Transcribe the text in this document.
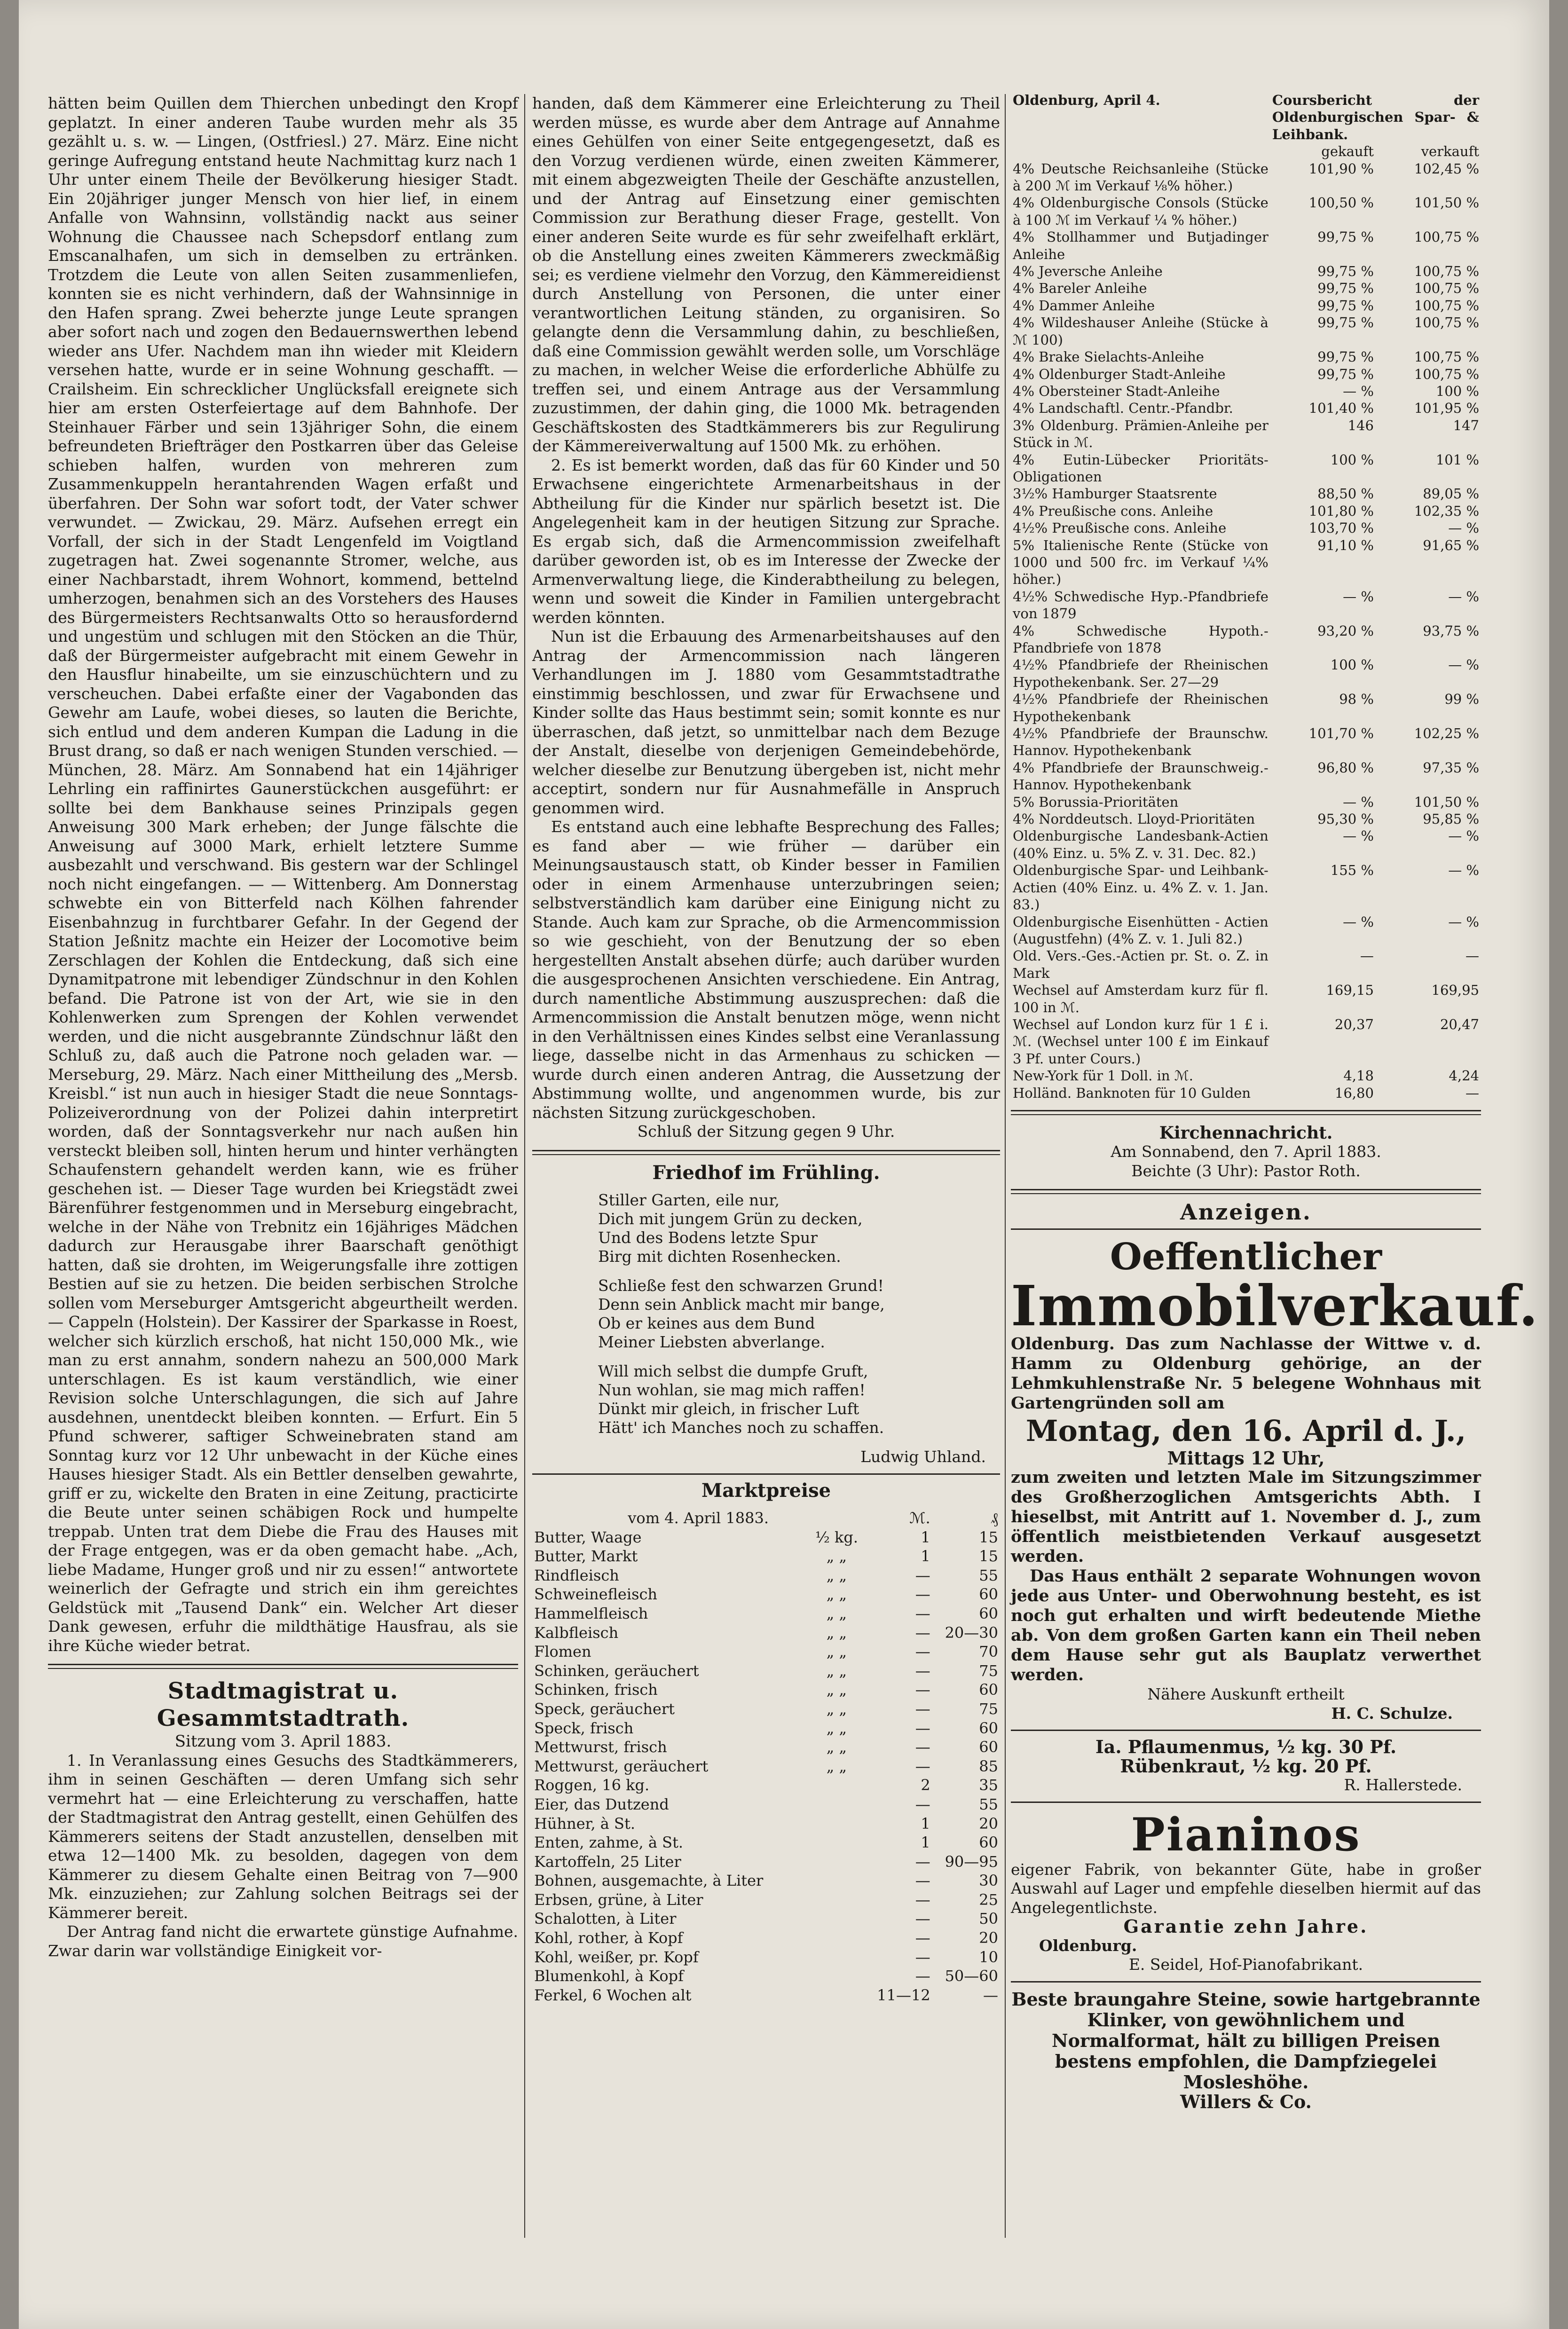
hätten beim Quillen dem Thierchen unbedingt den Kropf geplatzt. In einer anderen Taube wurden mehr als 35 gezählt u. s. w. — Lingen, (Ostfriesl.) 27. März. Eine nicht geringe Aufregung entstand heute Nachmittag kurz nach 1 Uhr unter einem Theile der Bevölkerung hiesiger Stadt. Ein 20jähriger junger Mensch von hier lief, in einem Anfalle von Wahnsinn, vollständig nackt aus seiner Wohnung die Chaussee nach Schepsdorf entlang zum Emscanalhafen, um sich in demselben zu ertränken. Trotzdem die Leute von allen Seiten zusammenliefen, konnten sie es nicht verhindern, daß der Wahnsinnige in den Hafen sprang. Zwei beherzte junge Leute sprangen aber sofort nach und zogen den Bedauernswerthen lebend wieder ans Ufer. Nachdem man ihn wieder mit Kleidern versehen hatte, wurde er in seine Wohnung geschafft. — Crailsheim. Ein schrecklicher Unglücksfall ereignete sich hier am ersten Osterfeiertage auf dem Bahnhofe. Der Steinhauer Färber und sein 13jähriger Sohn, die einem befreundeten Briefträger den Postkarren über das Geleise schieben halfen, wurden von mehreren zum Zusammenkuppeln herantahrenden Wagen erfaßt und überfahren. Der Sohn war sofort todt, der Vater schwer verwundet. — Zwickau, 29. März. Aufsehen erregt ein Vorfall, der sich in der Stadt Lengenfeld im Voigtland zugetragen hat. Zwei sogenannte Stromer, welche, aus einer Nachbarstadt, ihrem Wohnort, kommend, bettelnd umherzogen, benahmen sich an des Vorstehers des Hauses des Bürgermeisters Rechtsanwalts Otto so herausfordernd und ungestüm und schlugen mit den Stöcken an die Thür, daß der Bürgermeister aufgebracht mit einem Gewehr in den Hausflur hinabeilte, um sie einzuschüchtern und zu verscheuchen. Dabei erfaßte einer der Vagabonden das Gewehr am Laufe, wobei dieses, so lauten die Berichte, sich entlud und dem anderen Kumpan die Ladung in die Brust drang, so daß er nach wenigen Stunden verschied. — München, 28. März. Am Sonnabend hat ein 14jähriger Lehrling ein raffinirtes Gaunerstückchen ausgeführt: er sollte bei dem Bankhause seines Prinzipals gegen Anweisung 300 Mark erheben; der Junge fälschte die Anweisung auf 3000 Mark, erhielt letztere Summe ausbezahlt und verschwand. Bis gestern war der Schlingel noch nicht eingefangen. — — Wittenberg. Am Donnerstag schwebte ein von Bitterfeld nach Kölhen fahrender Eisenbahnzug in furchtbarer Gefahr. In der Gegend der Station Jeßnitz machte ein Heizer der Locomotive beim Zerschlagen der Kohlen die Entdeckung, daß sich eine Dynamitpatrone mit lebendiger Zündschnur in den Kohlen befand. Die Patrone ist von der Art, wie sie in den Kohlenwerken zum Sprengen der Kohlen verwendet werden, und die nicht ausgebrannte Zündschnur läßt den Schluß zu, daß auch die Patrone noch geladen war. — Merseburg, 29. März. Nach einer Mittheilung des „Mersb. Kreisbl.“ ist nun auch in hiesiger Stadt die neue Sonntags-Polizeiverordnung von der Polizei dahin interpretirt worden, daß der Sonntagsverkehr nur nach außen hin versteckt bleiben soll, hinten herum und hinter verhängten Schaufenstern gehandelt werden kann, wie es früher geschehen ist. — Dieser Tage wurden bei Kriegstädt zwei Bärenführer festgenommen und in Merseburg eingebracht, welche in der Nähe von Trebnitz ein 16jähriges Mädchen dadurch zur Herausgabe ihrer Baarschaft genöthigt hatten, daß sie drohten, im Weigerungsfalle ihre zottigen Bestien auf sie zu hetzen. Die beiden serbischen Strolche sollen vom Merseburger Amtsgericht abgeurtheilt werden. — Cappeln (Holstein). Der Kassirer der Sparkasse in Roest, welcher sich kürzlich erschoß, hat nicht 150,000 Mk., wie man zu erst annahm, sondern nahezu an 500,000 Mark unterschlagen. Es ist kaum verständlich, wie einer Revision solche Unterschlagungen, die sich auf Jahre ausdehnen, unentdeckt bleiben konnten. — Erfurt. Ein 5 Pfund schwerer, saftiger Schweinebraten stand am Sonntag kurz vor 12 Uhr unbewacht in der Küche eines Hauses hiesiger Stadt. Als ein Bettler denselben gewahrte, griff er zu, wickelte den Braten in eine Zeitung, practicirte die Beute unter seinen schäbigen Rock und humpelte treppab. Unten trat dem Diebe die Frau des Hauses mit der Frage entgegen, was er da oben gemacht habe. „Ach, liebe Madame, Hunger groß und nir zu essen!“ antwortete weinerlich der Gefragte und strich ein ihm gereichtes Geldstück mit „Tausend Dank“ ein. Welcher Art dieser Dank gewesen, erfuhr die mildthätige Hausfrau, als sie ihre Küche wieder betrat.

Stadtmagistrat u. Gesammtstadtrath.
Sitzung vom 3. April 1883.

1. In Veranlassung eines Gesuchs des Stadtkämmerers, ihm in seinen Geschäften — deren Umfang sich sehr vermehrt hat — eine Erleichterung zu verschaffen, hatte der Stadtmagistrat den Antrag gestellt, einen Gehülfen des Kämmerers seitens der Stadt anzustellen, denselben mit etwa 12—1400 Mk. zu besolden, dagegen von dem Kämmerer zu diesem Gehalte einen Beitrag von 7—900 Mk. einzuziehen; zur Zahlung solchen Beitrags sei der Kämmerer bereit.

Der Antrag fand nicht die erwartete günstige Aufnahme. Zwar darin war vollständige Einigkeit vor-

handen, daß dem Kämmerer eine Erleichterung zu Theil werden müsse, es wurde aber dem Antrage auf Annahme eines Gehülfen von einer Seite entgegengesetzt, daß es den Vorzug verdienen würde, einen zweiten Kämmerer, mit einem abgezweigten Theile der Geschäfte anzustellen, und der Antrag auf Einsetzung einer gemischten Commission zur Berathung dieser Frage, gestellt. Von einer anderen Seite wurde es für sehr zweifelhaft erklärt, ob die Anstellung eines zweiten Kämmerers zweckmäßig sei; es verdiene vielmehr den Vorzug, den Kämmereidienst durch Anstellung von Personen, die unter einer verantwortlichen Leitung ständen, zu organisiren. So gelangte denn die Versammlung dahin, zu beschließen, daß eine Commission gewählt werden solle, um Vorschläge zu machen, in welcher Weise die erforderliche Abhülfe zu treffen sei, und einem Antrage aus der Versammlung zuzustimmen, der dahin ging, die 1000 Mk. betragenden Geschäftskosten des Stadtkämmerers bis zur Regulirung der Kämmereiverwaltung auf 1500 Mk. zu erhöhen.

2. Es ist bemerkt worden, daß das für 60 Kinder und 50 Erwachsene eingerichtete Armenarbeitshaus in der Abtheilung für die Kinder nur spärlich besetzt ist. Die Angelegenheit kam in der heutigen Sitzung zur Sprache. Es ergab sich, daß die Armencommission zweifelhaft darüber geworden ist, ob es im Interesse der Zwecke der Armenverwaltung liege, die Kinderabtheilung zu belegen, wenn und soweit die Kinder in Familien untergebracht werden könnten.

Nun ist die Erbauung des Armenarbeitshauses auf den Antrag der Armencommission nach längeren Verhandlungen im J. 1880 vom Gesammtstadtrathe einstimmig beschlossen, und zwar für Erwachsene und Kinder sollte das Haus bestimmt sein; somit konnte es nur überraschen, daß jetzt, so unmittelbar nach dem Bezuge der Anstalt, dieselbe von derjenigen Gemeindebehörde, welcher dieselbe zur Benutzung übergeben ist, nicht mehr acceptirt, sondern nur für Ausnahmefälle in Anspruch genommen wird.

Es entstand auch eine lebhafte Besprechung des Falles; es fand aber — wie früher — darüber ein Meinungsaustausch statt, ob Kinder besser in Familien oder in einem Armenhause unterzubringen seien; selbstverständlich kam darüber eine Einigung nicht zu Stande. Auch kam zur Sprache, ob die Armencommission so wie geschieht, von der Benutzung der so eben hergestellten Anstalt absehen dürfe; auch darüber wurden die ausgesprochenen Ansichten verschiedene. Ein Antrag, durch namentliche Abstimmung auszusprechen: daß die Armencommission die Anstalt benutzen möge, wenn nicht in den Verhältnissen eines Kindes selbst eine Veranlassung liege, dasselbe nicht in das Armenhaus zu schicken — wurde durch einen anderen Antrag, die Aussetzung der Abstimmung wollte, und angenommen wurde, bis zur nächsten Sitzung zurückgeschoben.

Schluß der Sitzung gegen 9 Uhr.
Friedhof im Frühling.
Stiller Garten, eile nur,
Dich mit jungem Grün zu decken,
Und des Bodens letzte Spur
Birg mit dichten Rosenhecken.
Schließe fest den schwarzen Grund!
Denn sein Anblick macht mir bange,
Ob er keines aus dem Bund
Meiner Liebsten abverlange.
Will mich selbst die dumpfe Gruft,
Nun wohlan, sie mag mich raffen!
Dünkt mir gleich, in frischer Luft
Hätt' ich Manches noch zu schaffen.
Ludwig Uhland.
Marktpreise
vom 4. April 1883.		ℳ.	₰
Butter, Waage	½ kg.	1	15
Butter, Markt	„ „	1	15
Rindfleisch	„ „	—	55
Schweinefleisch	„ „	—	60
Hammelfleisch	„ „	—	60
Kalbfleisch	„ „	—	20—30
Flomen	„ „	—	70
Schinken, geräuchert	„ „	—	75
Schinken, frisch	„ „	—	60
Speck, geräuchert	„ „	—	75
Speck, frisch	„ „	—	60
Mettwurst, frisch	„ „	—	60
Mettwurst, geräuchert	„ „	—	85
Roggen, 16 kg.		2	35
Eier, das Dutzend		—	55
Hühner, à St.		1	20
Enten, zahme, à St.		1	60
Kartoffeln, 25 Liter		—	90—95
Bohnen, ausgemachte, à Liter		—	30
Erbsen, grüne, à Liter		—	25
Schalotten, à Liter		—	50
Kohl, rother, à Kopf		—	20
Kohl, weißer, pr. Kopf		—	10
Blumenkohl, à Kopf		—	50—60
Ferkel, 6 Wochen alt		11—12	—
Oldenburg, April 4.	Coursbericht der Oldenburgischen Spar- & Leihbank.	
	gekauft	verkauft
4% Deutsche Reichsanleihe (Stücke à 200 ℳ im Verkauf ⅛% höher.)	101,90 %	102,45 %
4% Oldenburgische Consols (Stücke à 100 ℳ im Verkauf ¼ % höher.)	100,50 %	101,50 %
4% Stollhammer und Butjadinger Anleihe	99,75 %	100,75 %
4% Jeversche Anleihe	99,75 %	100,75 %
4% Bareler Anleihe	99,75 %	100,75 %
4% Dammer Anleihe	99,75 %	100,75 %
4% Wildeshauser Anleihe (Stücke à ℳ 100)	99,75 %	100,75 %
4% Brake Sielachts-Anleihe	99,75 %	100,75 %
4% Oldenburger Stadt-Anleihe	99,75 %	100,75 %
4% Obersteiner Stadt-Anleihe	— %	100 %
4% Landschaftl. Centr.-Pfandbr.	101,40 %	101,95 %
3% Oldenburg. Prämien-Anleihe per Stück in ℳ.	146	147
4% Eutin-Lübecker Prioritäts-Obligationen	100 %	101 %
3½% Hamburger Staatsrente	88,50 %	89,05 %
4% Preußische cons. Anleihe	101,80 %	102,35 %
4½% Preußische cons. Anleihe	103,70 %	— %
5% Italienische Rente (Stücke von 1000 und 500 frc. im Verkauf ¼% höher.)	91,10 %	91,65 %
4½% Schwedische Hyp.-Pfandbriefe von 1879	— %	— %
4% Schwedische Hypoth.-Pfandbriefe von 1878	93,20 %	93,75 %
4½% Pfandbriefe der Rheinischen Hypothekenbank. Ser. 27—29	100 %	— %
4½% Pfandbriefe der Rheinischen Hypothekenbank	98 %	99 %
4½% Pfandbriefe der Braunschw. Hannov. Hypothekenbank	101,70 %	102,25 %
4% Pfandbriefe der Braunschweig.-Hannov. Hypothekenbank	96,80 %	97,35 %
5% Borussia-Prioritäten	— %	101,50 %
4% Norddeutsch. Lloyd-Prioritäten	95,30 %	95,85 %
Oldenburgische Landesbank-Actien (40% Einz. u. 5% Z. v. 31. Dec. 82.)	— %	— %
Oldenburgische Spar- und Leihbank-Actien (40% Einz. u. 4% Z. v. 1. Jan. 83.)	155 %	— %
Oldenburgische Eisenhütten - Actien (Augustfehn) (4% Z. v. 1. Juli 82.)	— %	— %
Old. Vers.-Ges.-Actien pr. St. o. Z. in Mark	—	—
Wechsel auf Amsterdam kurz für fl. 100 in ℳ.	169,15	169,95
Wechsel auf London kurz für 1 £ i. ℳ. (Wechsel unter 100 £ im Einkauf 3 Pf. unter Cours.)	20,37	20,47
New-York für 1 Doll. in ℳ.	4,18	4,24
Holländ. Banknoten für 10 Gulden	16,80	—
Kirchennachricht.
Am Sonnabend, den 7. April 1883.
Beichte (3 Uhr): Pastor Roth.
Anzeigen.
Oeffentlicher
Immobilverkauf.
Oldenburg. Das zum Nachlasse der Wittwe v. d. Hamm zu Oldenburg gehörige, an der Lehmkuhlenstraße Nr. 5 belegene Wohnhaus mit Gartengründen soll am
Montag, den 16. April d. J.,
Mittags 12 Uhr,
zum zweiten und letzten Male im Sitzungszimmer des Großherzoglichen Amtsgerichts Abth. I hieselbst, mit Antritt auf 1. November d. J., zum öffentlich meistbietenden Verkauf ausgesetzt werden.
Das Haus enthält 2 separate Wohnungen wovon jede aus Unter- und Oberwohnung besteht, es ist noch gut erhalten und wirft bedeutende Miethe ab. Von dem großen Garten kann ein Theil neben dem Hause sehr gut als Bauplatz verwerthet werden.
Nähere Auskunft ertheilt
H. C. Schulze.
Ia. Pflaumenmus, ½ kg. 30 Pf.
Rübenkraut, ½ kg. 20 Pf.
R. Hallerstede.
Pianinos
eigener Fabrik, von bekannter Güte, habe in großer Auswahl auf Lager und empfehle dieselben hiermit auf das Angelegentlichste.
Garantie zehn Jahre.
Oldenburg.
E. Seidel, Hof-Pianofabrikant.
Beste braungahre Steine, sowie hartgebrannte Klinker, von gewöhnlichem und Normalformat, hält zu billigen Preisen bestens empfohlen, die Dampfziegelei Mosleshöhe.
Willers & Co.
